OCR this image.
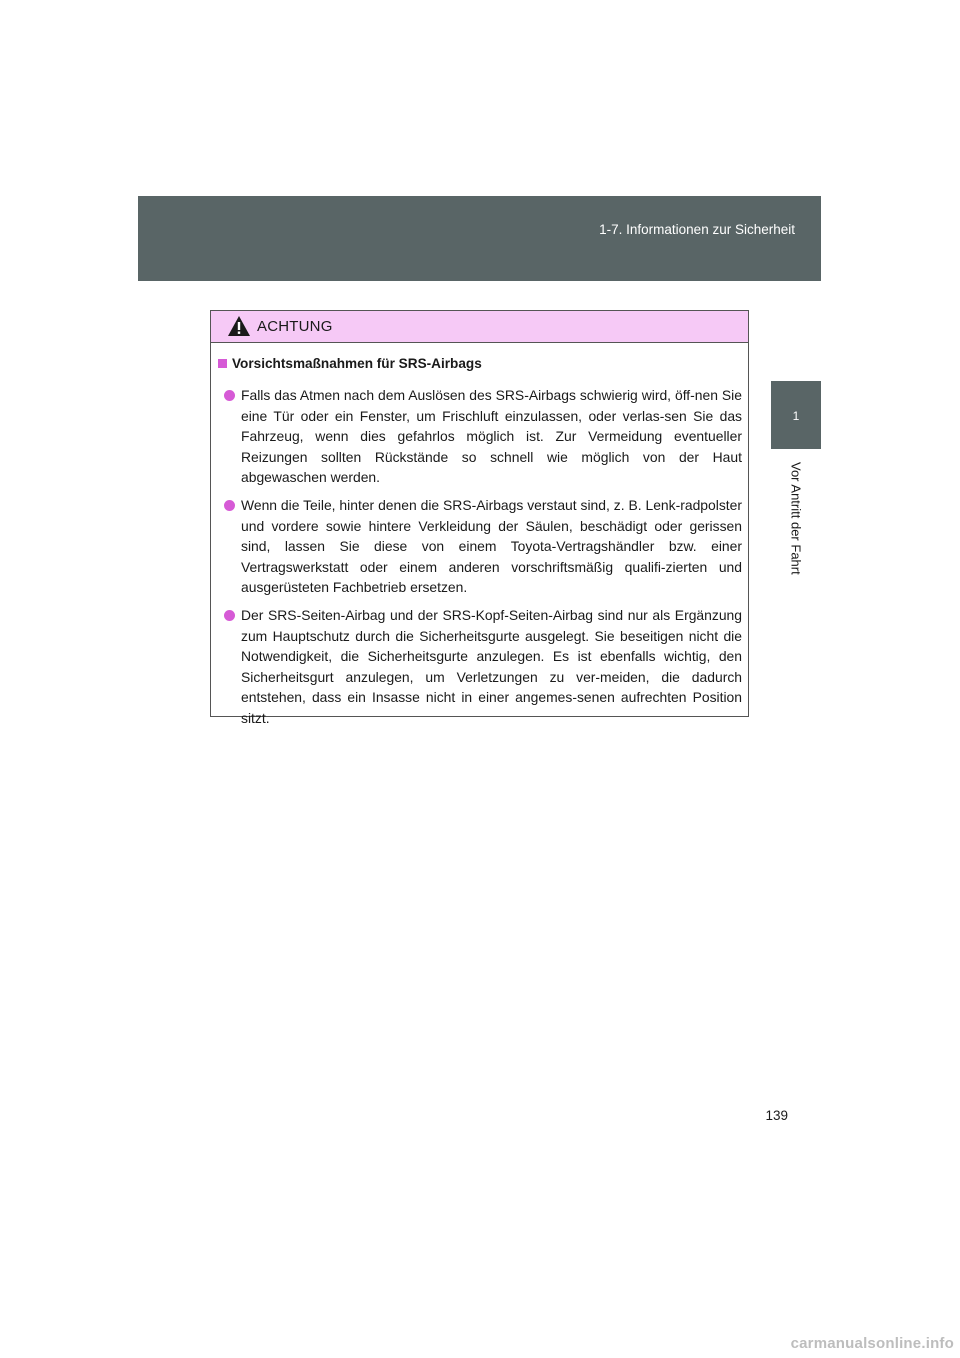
1-7. Informationen zur Sicherheit
1
Vor Antritt der Fahrt
ACHTUNG
Vorsichtsmaßnahmen für SRS-Airbags
Falls das Atmen nach dem Auslösen des SRS-Airbags schwierig wird, öff-nen Sie eine Tür oder ein Fenster, um Frischluft einzulassen, oder verlas-sen Sie das Fahrzeug, wenn dies gefahrlos möglich ist. Zur Vermeidung eventueller Reizungen sollten Rückstände so schnell wie möglich von der Haut abgewaschen werden.
Wenn die Teile, hinter denen die SRS-Airbags verstaut sind, z. B. Lenk-radpolster und vordere sowie hintere Verkleidung der Säulen, beschädigt oder gerissen sind, lassen Sie diese von einem Toyota-Vertragshändler bzw. einer Vertragswerkstatt oder einem anderen vorschriftsmäßig qualifi-zierten und ausgerüsteten Fachbetrieb ersetzen.
Der SRS-Seiten-Airbag und der SRS-Kopf-Seiten-Airbag sind nur als Ergänzung zum Hauptschutz durch die Sicherheitsgurte ausgelegt. Sie beseitigen nicht die Notwendigkeit, die Sicherheitsgurte anzulegen. Es ist ebenfalls wichtig, den Sicherheitsgurt anzulegen, um Verletzungen zu ver-meiden, die dadurch entstehen, dass ein Insasse nicht in einer angemes-senen aufrechten Position sitzt.
139
carmanualsonline.info
